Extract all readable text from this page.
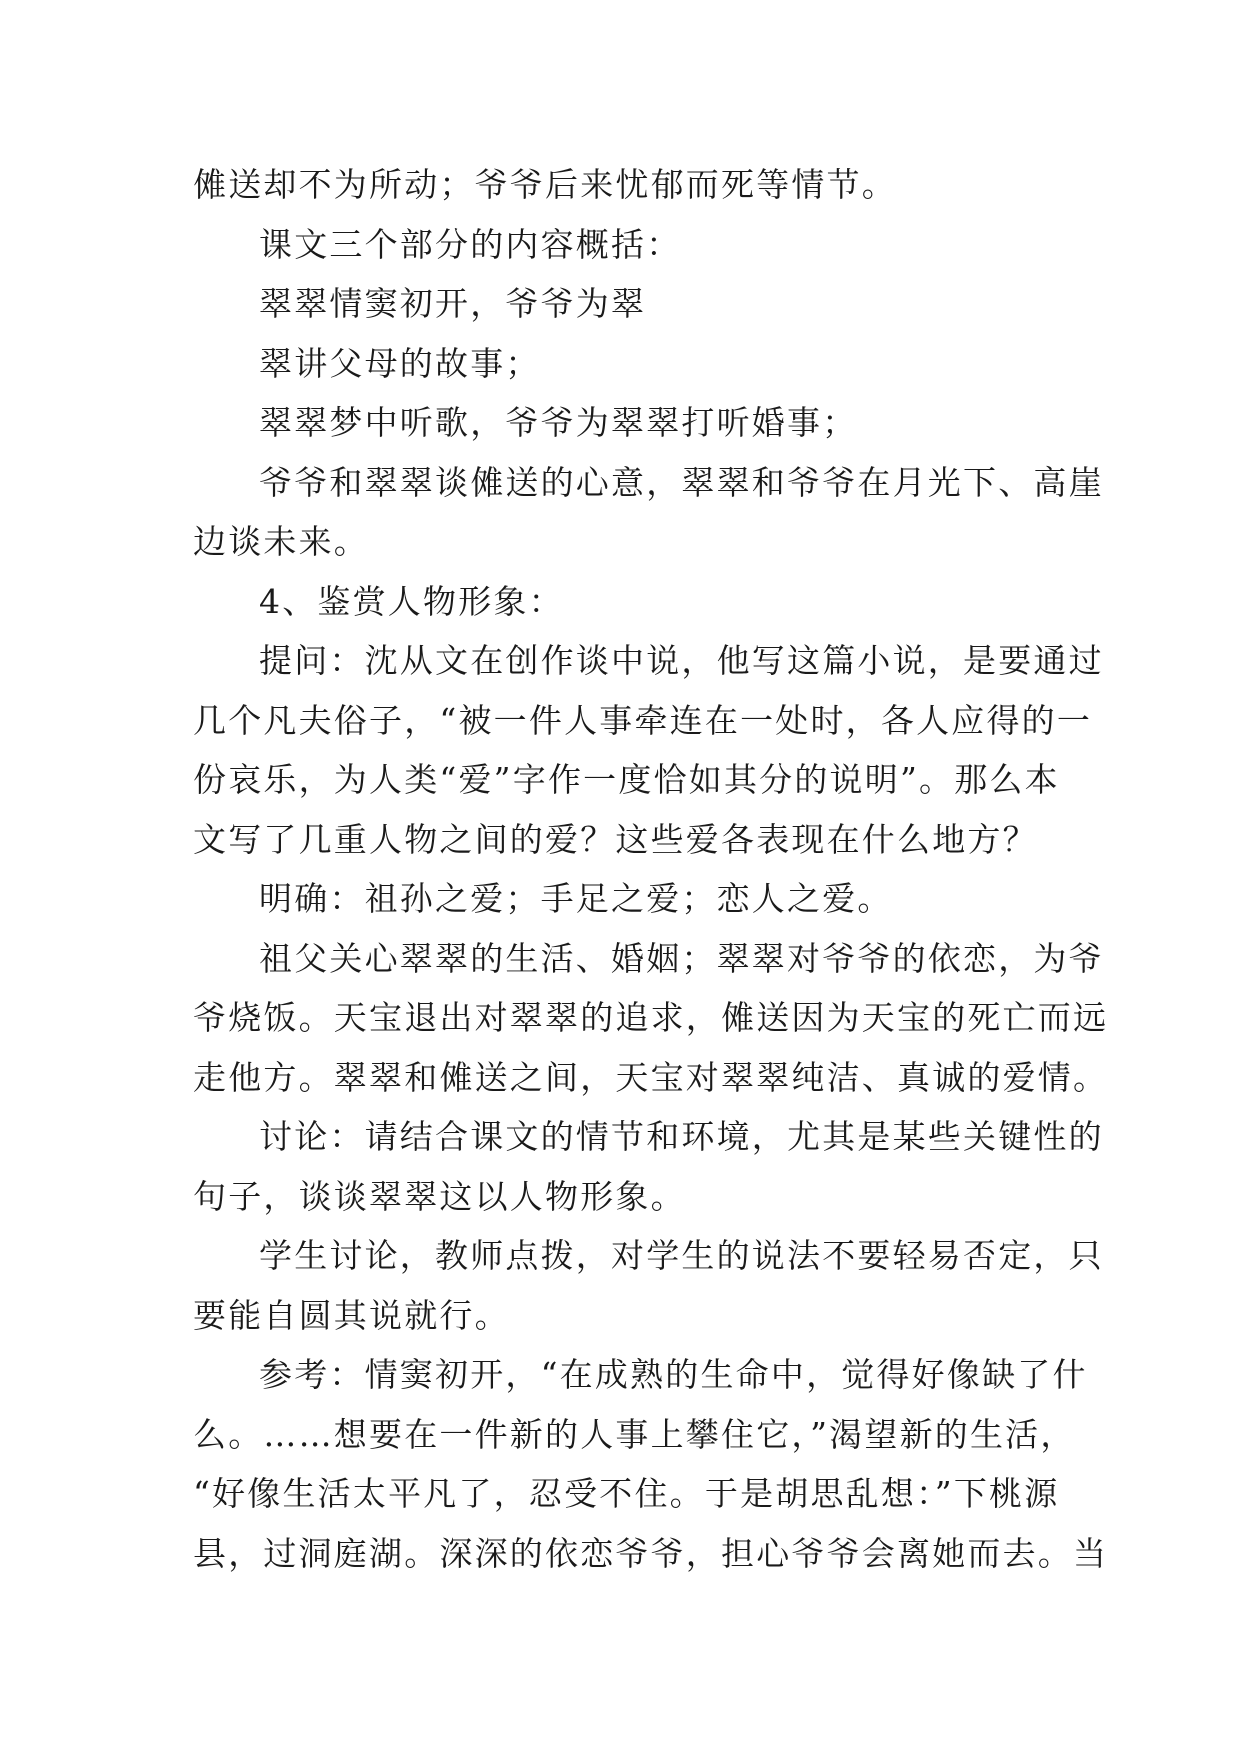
傩送却不为所动；爷爷后来忧郁而死等情节。
课文三个部分的内容概括：
翠翠情窦初开，爷爷为翠
翠讲父母的故事；
翠翠梦中听歌，爷爷为翠翠打听婚事；
爷爷和翠翠谈傩送的心意，翠翠和爷爷在月光下、高崖
边谈未来。
4、鉴赏人物形象：
提问：沈从文在创作谈中说，他写这篇小说，是要通过
几个凡夫俗子，“被一件人事牵连在一处时，各人应得的一
份哀乐，为人类“爱”字作一度恰如其分的说明”。那么本
文写了几重人物之间的爱？这些爱各表现在什么地方？
明确：祖孙之爱；手足之爱；恋人之爱。
祖父关心翠翠的生活、婚姻；翠翠对爷爷的依恋，为爷
爷烧饭。天宝退出对翠翠的追求，傩送因为天宝的死亡而远
走他方。翠翠和傩送之间，天宝对翠翠纯洁、真诚的爱情。
讨论：请结合课文的情节和环境，尤其是某些关键性的
句子，谈谈翠翠这以人物形象。
学生讨论，教师点拨，对学生的说法不要轻易否定，只
要能自圆其说就行。
参考：情窦初开，“在成熟的生命中，觉得好像缺了什
么。……想要在一件新的人事上攀住它，”渴望新的生活，
“好像生活太平凡了，忍受不住。于是胡思乱想：”下桃源
县，过洞庭湖。深深的依恋爷爷，担心爷爷会离她而去。当
